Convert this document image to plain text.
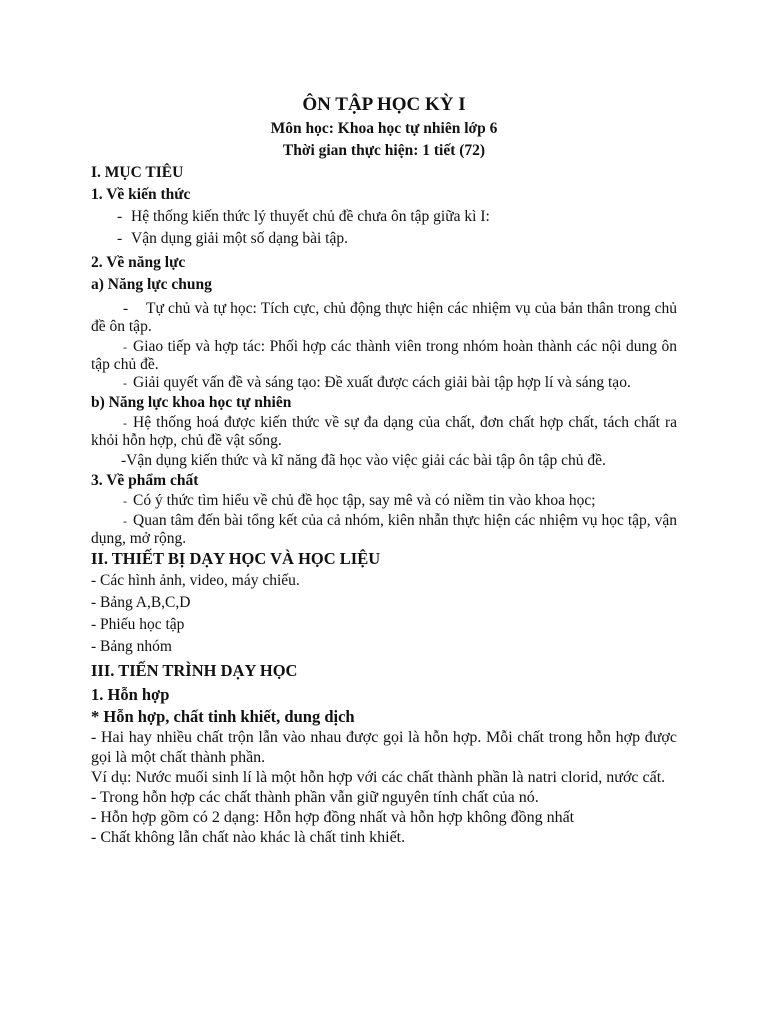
ÔN TẬP HỌC KỲ I
Môn học: Khoa học tự nhiên lớp 6
Thời gian thực hiện: 1 tiết (72)
I. MỤC TIÊU
1. Về kiến thức
- Hệ thống kiến thức lý thuyết chủ đề chưa ôn tập giữa kì I:
- Vận dụng giải một số dạng bài tập.
2. Về năng lực
a) Năng lực chung
- Tự chủ và tự học: Tích cực, chủ động thực hiện các nhiệm vụ của bản thân trong chủ đề ôn tập.
- Giao tiếp và hợp tác: Phối hợp các thành viên trong nhóm hoàn thành các nội dung ôn tập chủ đề.
- Giải quyết vấn đề và sáng tạo: Đề xuất được cách giải bài tập hợp lí và sáng tạo.
b) Năng lực khoa học tự nhiên
- Hệ thống hoá được kiến thức về sự đa dạng của chất, đơn chất hợp chất, tách chất ra khỏi hỗn hợp, chủ đề vật sống.
-Vận dụng kiến thức và kĩ năng đã học vào việc giải các bài tập ôn tập chủ đề.
3. Về phẩm chất
- Có ý thức tìm hiểu về chủ đề học tập, say mê và có niềm tin vào khoa học;
- Quan tâm đến bài tổng kết của cả nhóm, kiên nhẫn thực hiện các nhiệm vụ học tập, vận dụng, mở rộng.
II. THIẾT BỊ DẠY HỌC VÀ HỌC LIỆU
- Các hình ảnh, video, máy chiếu.
- Bảng A,B,C,D
- Phiếu học tập
- Bảng nhóm
III. TIẾN TRÌNH DẠY HỌC
1. Hỗn hợp
* Hỗn hợp, chất tinh khiết, dung dịch
- Hai hay nhiều chất trộn lẫn vào nhau được gọi là hỗn hợp. Mỗi chất trong hỗn hợp được gọi là một chất thành phần.
Ví dụ: Nước muối sinh lí là một hỗn hợp với các chất thành phần là natri clorid, nước cất.
- Trong hỗn hợp các chất thành phần vẫn giữ nguyên tính chất của nó.
- Hỗn hợp gồm có 2 dạng: Hỗn hợp đồng nhất và hỗn hợp không đồng nhất
- Chất không lẫn chất nào khác là chất tinh khiết.
